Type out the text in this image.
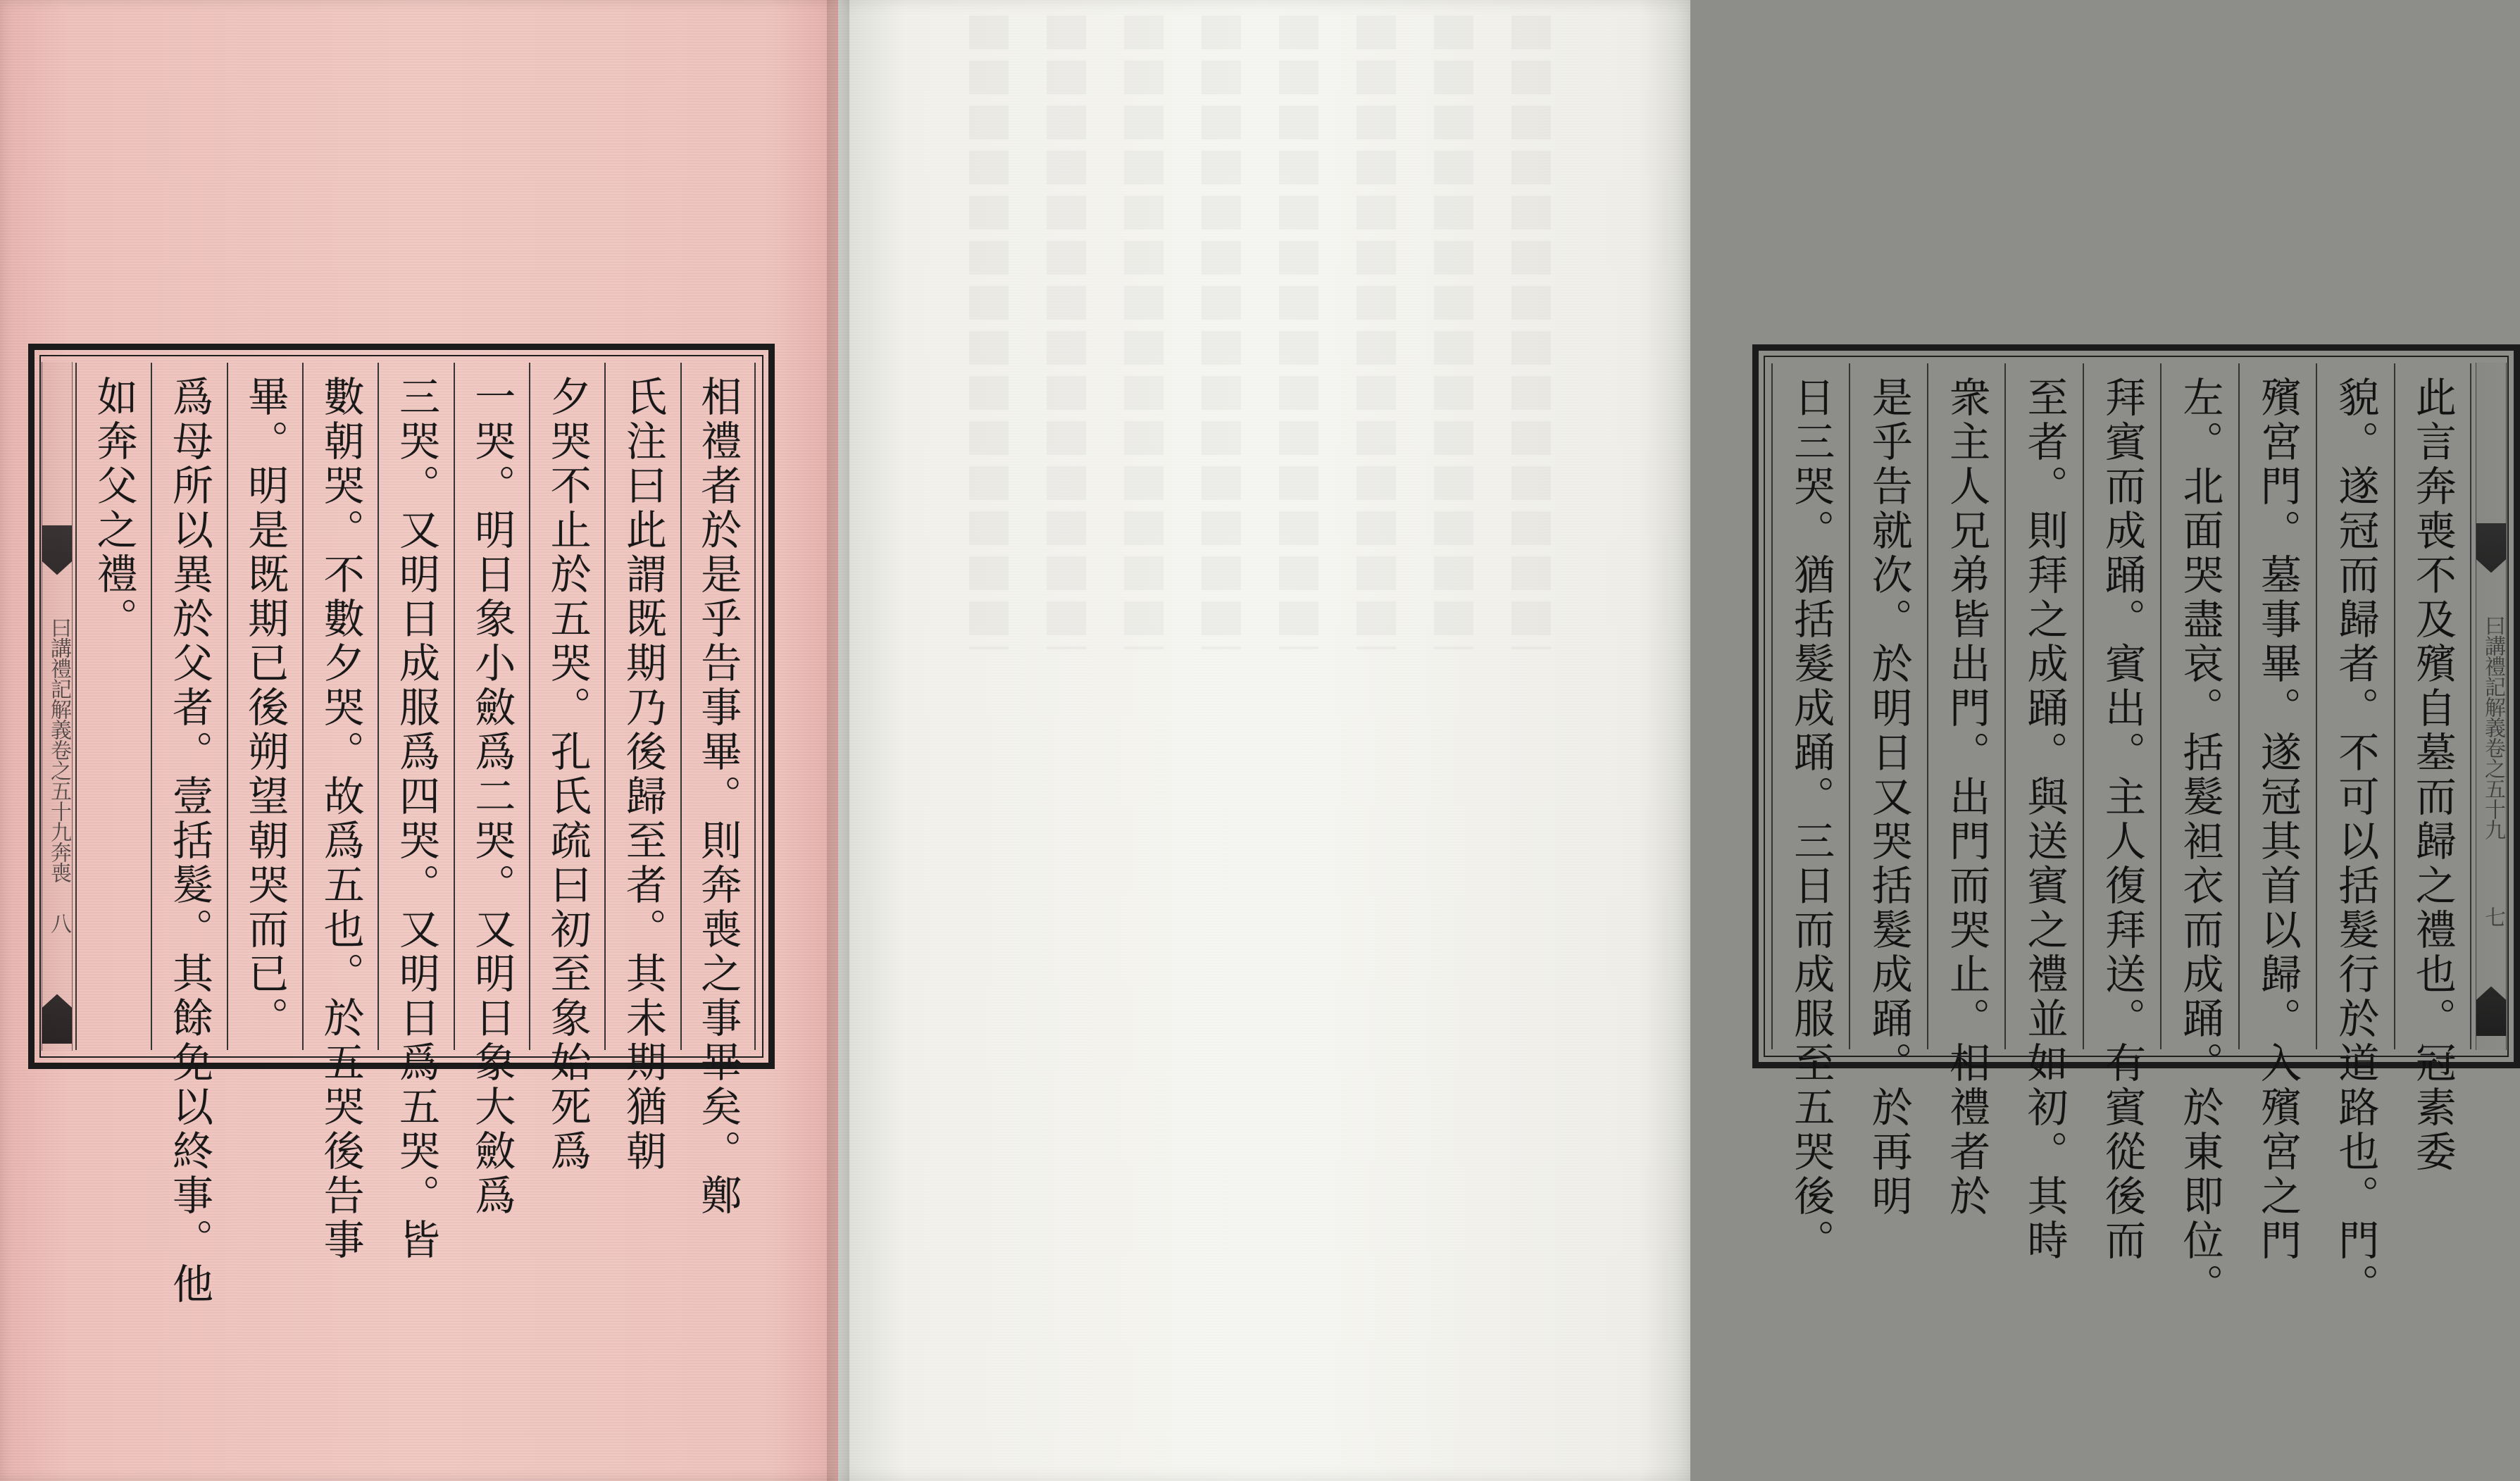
曰講禮記解義卷之五十九奔喪
八	相禮者於是乎告事畢。則奔喪之事畢矣。鄭
氏注曰此謂既期乃後歸至者。其未期猶朝
夕哭不止於五哭。孔氏疏曰初至象始死爲
一哭。明日象小斂爲二哭。又明日象大斂爲
三哭。又明日成服爲四哭。又明日爲五哭。皆
數朝哭。不數夕哭。故爲五也。於五哭後告事
畢。明是既期已後朔望朝哭而已。
爲母所以異於父者。壹括髮。其餘免以終事。他
如奔父之禮。
曰講禮記解義卷之五十九
七
此言奔喪不及殯自墓而歸之禮也。冠素委
貌。遂冠而歸者。不可以括髮行於道路也。門。
殯宮門。墓事畢。遂冠其首以歸。入殯宮之門
左。北面哭盡哀。括髮袒衣而成踊。於東即位。
拜賓而成踊。賓出。主人復拜送。有賓從後而
至者。則拜之成踊。與送賓之禮並如初。其時
衆主人兄弟皆出門。出門而哭止。相禮者於
是乎告就次。於明日又哭括髮成踊。於再明
日三哭。猶括髮成踊。三日而成服至五哭後。
